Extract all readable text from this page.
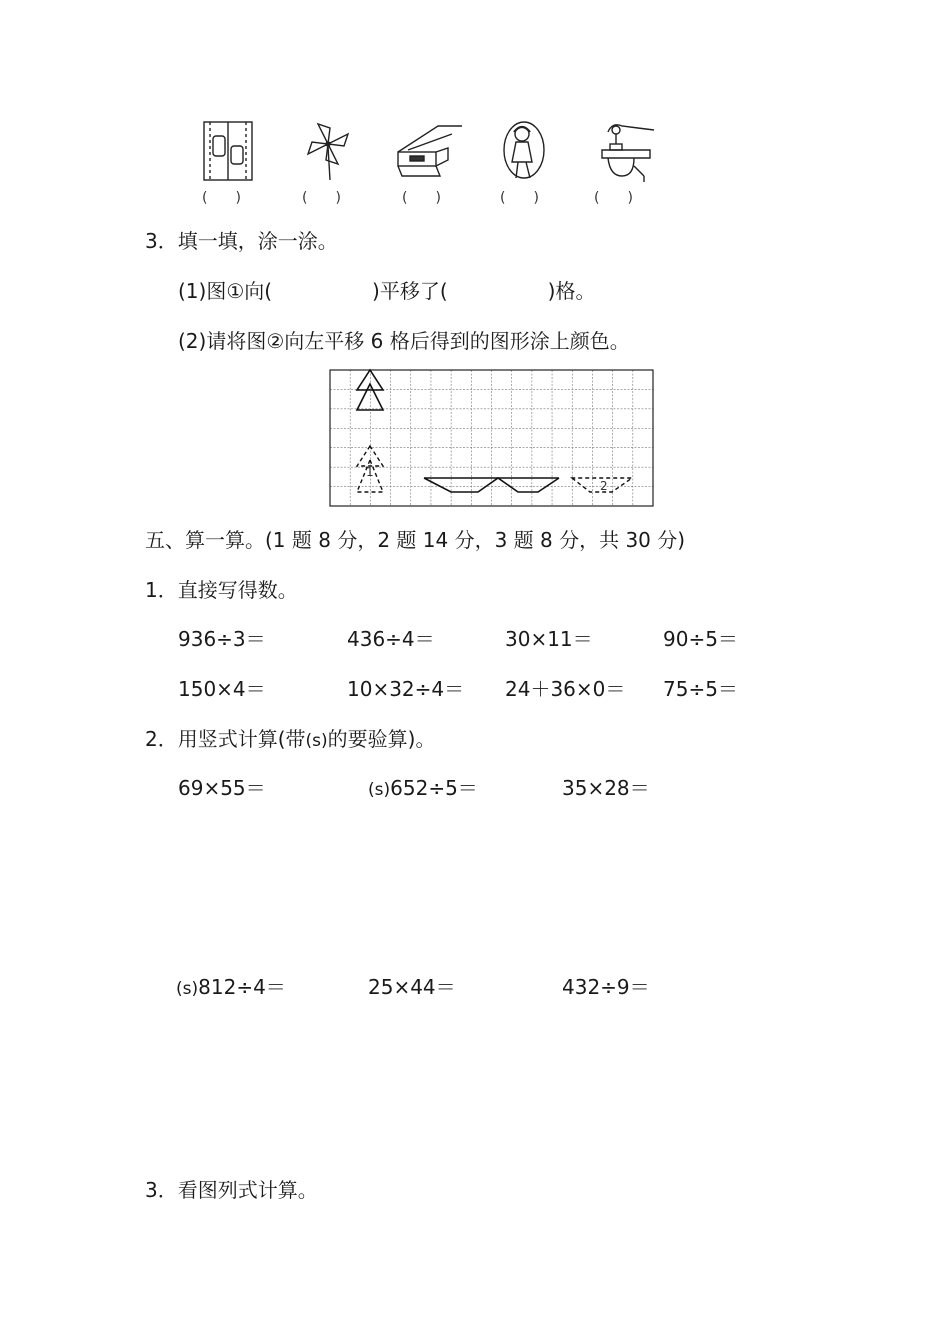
(　　)	(　　)	(　　)	(　　)	(　　)
3．填一填，涂一涂。
(1)图①向(　　　　　)平移了(　　　　　)格。
(2)请将图②向左平移 6 格后得到的图形涂上颜色。
1
2
五、算一算。(1 题 8 分，2 题 14 分，3 题 8 分，共 30 分)
1．直接写得数。
936÷3＝	436÷4＝	30×11＝	90÷5＝
150×4＝	10×32÷4＝ 24＋36×0＝ 75÷5＝
2．用竖式计算(带(s)的要验算)。
69×55＝	(s)652÷5＝	35×28＝
(s)812÷4＝	25×44＝	432÷9＝
3．看图列式计算。
